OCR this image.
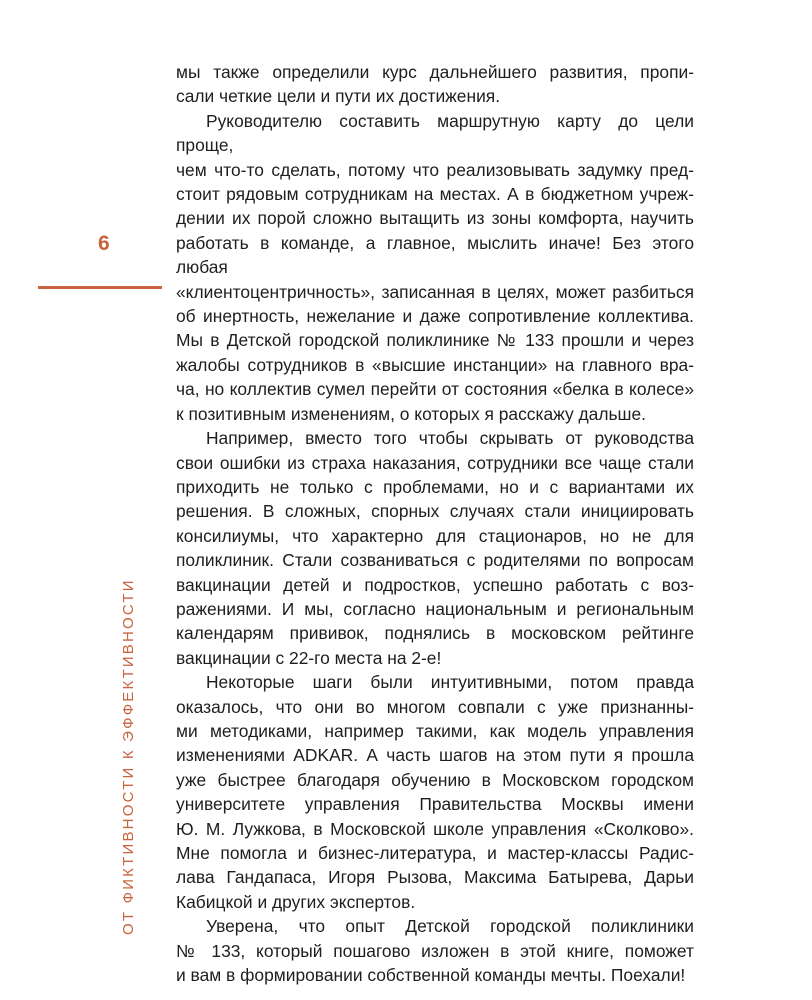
6
ОТ ФИКТИВНОСТИ К ЭФФЕКТИВНОСТИ

мы также определили курс дальнейшего развития, пропи-

сали четкие цели и пути их достижения.

Руководителю составить маршрутную карту до цели проще,

чем что-то сделать, потому что реализовывать задумку пред-

стоит рядовым сотрудникам на местах. А в бюджетном учреж-

дении их порой сложно вытащить из зоны комфорта, научить

работать в команде, а главное, мыслить иначе! Без этого любая

«клиентоцентричность», записанная в целях, может разбиться

об инертность, нежелание и даже сопротивление коллектива.

Мы в Детской городской поликлинике № 133 прошли и через

жалобы сотрудников в «высшие инстанции» на главного вра-

ча, но коллектив сумел перейти от состояния «белка в колесе»

к позитивным изменениям, о которых я расскажу дальше.

Например, вместо того чтобы скрывать от руководства

свои ошибки из страха наказания, сотрудники все чаще стали

приходить не только с проблемами, но и с вариантами их

решения. В сложных, спорных случаях стали инициировать

консилиумы, что характерно для стационаров, но не для

поликлиник. Стали созваниваться с родителями по вопросам

вакцинации детей и подростков, успешно работать с воз-

ражениями. И мы, согласно национальным и региональным

календарям прививок, поднялись в московском рейтинге

вакцинации с 22-го места на 2-е!

Некоторые шаги были интуитивными, потом правда

оказалось, что они во многом совпали с уже признанны-

ми методиками, например такими, как модель управления

изменениями ADKAR. А часть шагов на этом пути я прошла

уже быстрее благодаря обучению в Московском городском

университете управления Правительства Москвы имени

Ю. М. Лужкова, в Московской школе управления «Сколково».

Мне помогла и бизнес-литература, и мастер-классы Радис-

лава Гандапаса, Игоря Рызова, Максима Батырева, Дарьи

Кабицкой и других экспертов.

Уверена, что опыт Детской городской поликлиники

№ 133, который пошагово изложен в этой книге, поможет

и вам в формировании собственной команды мечты. Поехали!
